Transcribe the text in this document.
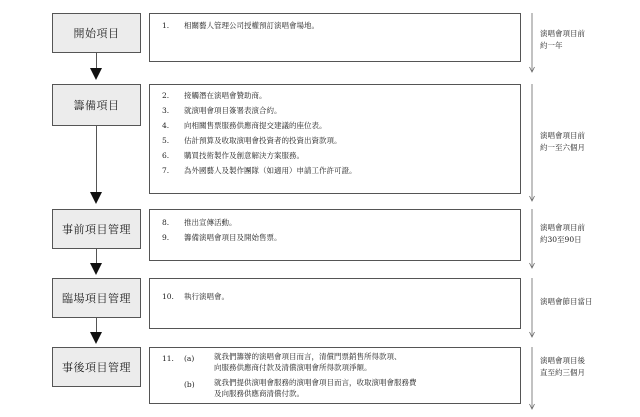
開始項目
1.	相關藝人管理公司授權預訂演唱會場地。
演唱會項目前
約一年
籌備項目
2.	接觸潛在演唱會贊助商。
3.	就演唱會項目簽署表演合約。
4.	向相關售票服務供應商提交建議的座位表。
5.	估計預算及收取演唱會投資者的投資出資款項。
6.	購買技術製作及創意解決方案服務。
7.	為外國藝人及製作團隊（如適用）申請工作許可證。
演唱會項目前
約一至六個月
事前項目管理
8.	推出宣傳活動。
9.	籌備演唱會項目及開始售票。
演唱會項目前
約30至90日
臨場項目管理	10.	執行演唱會。
演唱會節目當日
事後項目管理
11.	(a)	就我們籌辦的演唱會項目而言，清償門票銷售所得款項、
向服務供應商付款及清償演唱會所得款項淨額。
(b)	就我們提供演唱會服務的演唱會項目而言，收取演唱會服務費
及向服務供應商清償付款。
演唱會項目後
直至約三個月
